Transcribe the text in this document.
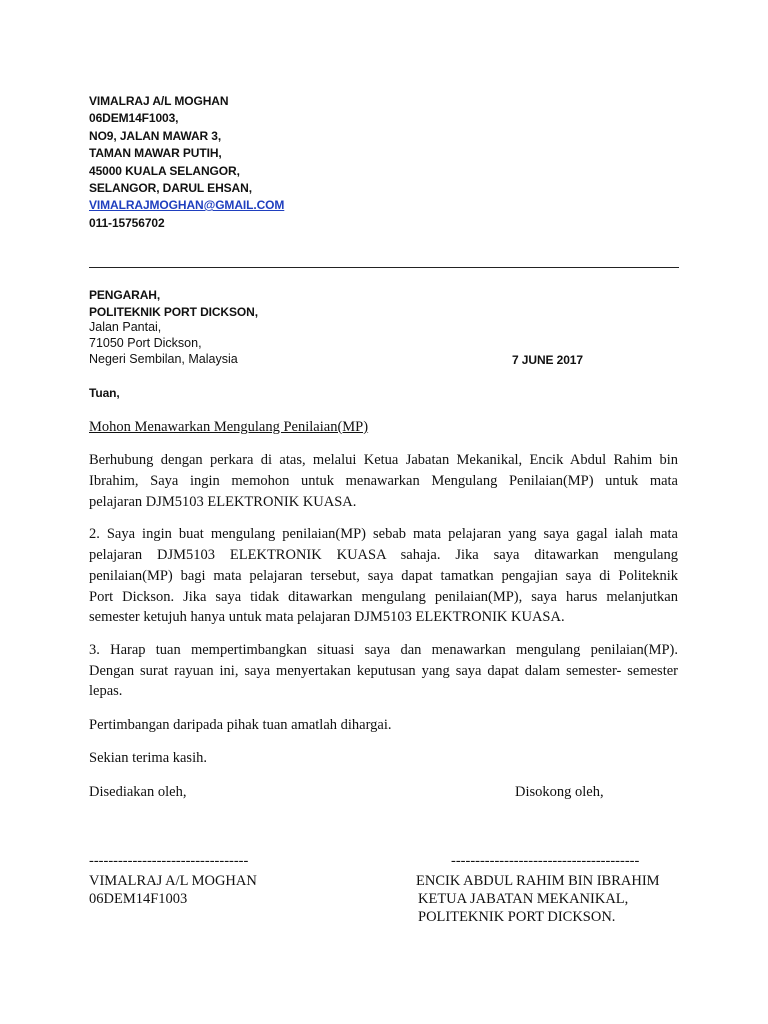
VIMALRAJ A/L MOGHAN
06DEM14F1003,
NO9, JALAN MAWAR 3,
TAMAN MAWAR PUTIH,
45000 KUALA SELANGOR,
SELANGOR, DARUL EHSAN,
VIMALRAJMOGHAN@GMAIL.COM
011-15756702
PENGARAH,
POLITEKNIK PORT DICKSON,
Jalan Pantai,
71050 Port Dickson,
Negeri Sembilan, Malaysia	7 JUNE 2017
Tuan,
Mohon Menawarkan Mengulang Penilaian(MP)
Berhubung dengan perkara di atas, melalui Ketua Jabatan Mekanikal, Encik Abdul Rahim bin
Ibrahim, Saya ingin memohon untuk menawarkan Mengulang Penilaian(MP) untuk mata
pelajaran DJM5103 ELEKTRONIK KUASA.
2. Saya ingin buat mengulang penilaian(MP) sebab mata pelajaran yang saya gagal ialah mata
pelajaran DJM5103 ELEKTRONIK KUASA sahaja. Jika saya ditawarkan mengulang
penilaian(MP) bagi mata pelajaran tersebut, saya dapat tamatkan pengajian saya di Politeknik
Port Dickson. Jika saya tidak ditawarkan mengulang penilaian(MP), saya harus melanjutkan
semester ketujuh hanya untuk mata pelajaran DJM5103 ELEKTRONIK KUASA.
3. Harap tuan mempertimbangkan situasi saya dan menawarkan mengulang penilaian(MP).
Dengan surat rayuan ini, saya menyertakan keputusan yang saya dapat dalam semester- semester
lepas.
Pertimbangan daripada pihak tuan amatlah dihargai.
Sekian terima kasih.
Disediakan oleh,	Disokong oleh,
---------------------------------	---------------------------------------
VIMALRAJ A/L MOGHAN
06DEM14F1003
ENCIK ABDUL RAHIM BIN IBRAHIM
KETUA JABATAN MEKANIKAL,
POLITEKNIK PORT DICKSON.
